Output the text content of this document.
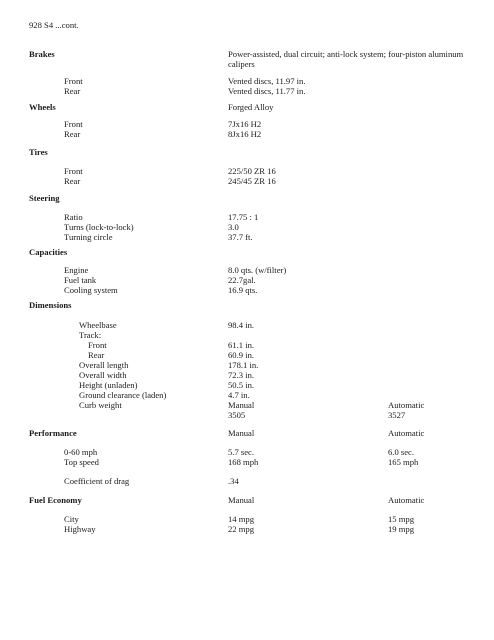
928 S4 ...cont.
Brakes	Power-assisted, dual circuit; anti-lock system; four-piston aluminum calipers
Front	Vented discs, 11.97 in.
Rear	Vented discs, 11.77 in.
Wheels	Forged Alloy
Front	7Jx16 H2
Rear	8Jx16 H2
Tires
Front	225/50 ZR 16
Rear	245/45 ZR 16
Steering
Ratio	17.75 : 1
Turns (lock-to-lock)	3.0
Turning circle	37.7 ft.
Capacities
Engine	8.0 qts. (w/filter)
Fuel tank	22.7gal.
Cooling system	16.9 qts.
Dimensions
Wheelbase	98.4 in.
Track:
Front	61.1 in.
Rear	60.9 in.
Overall length	178.1 in.
Overall width	72.3 in.
Height (unladen)	50.5 in.
Ground clearance (laden)	4.7 in.
Curb weight	Manual	Automatic
3505	3527
Performance	Manual	Automatic
0-60 mph	5.7 sec.	6.0 sec.
Top speed	168 mph	165 mph
Coefficient of drag	.34
Fuel Economy	Manual	Automatic
City	14 mpg	15 mpg
Highway	22 mpg	19 mpg
